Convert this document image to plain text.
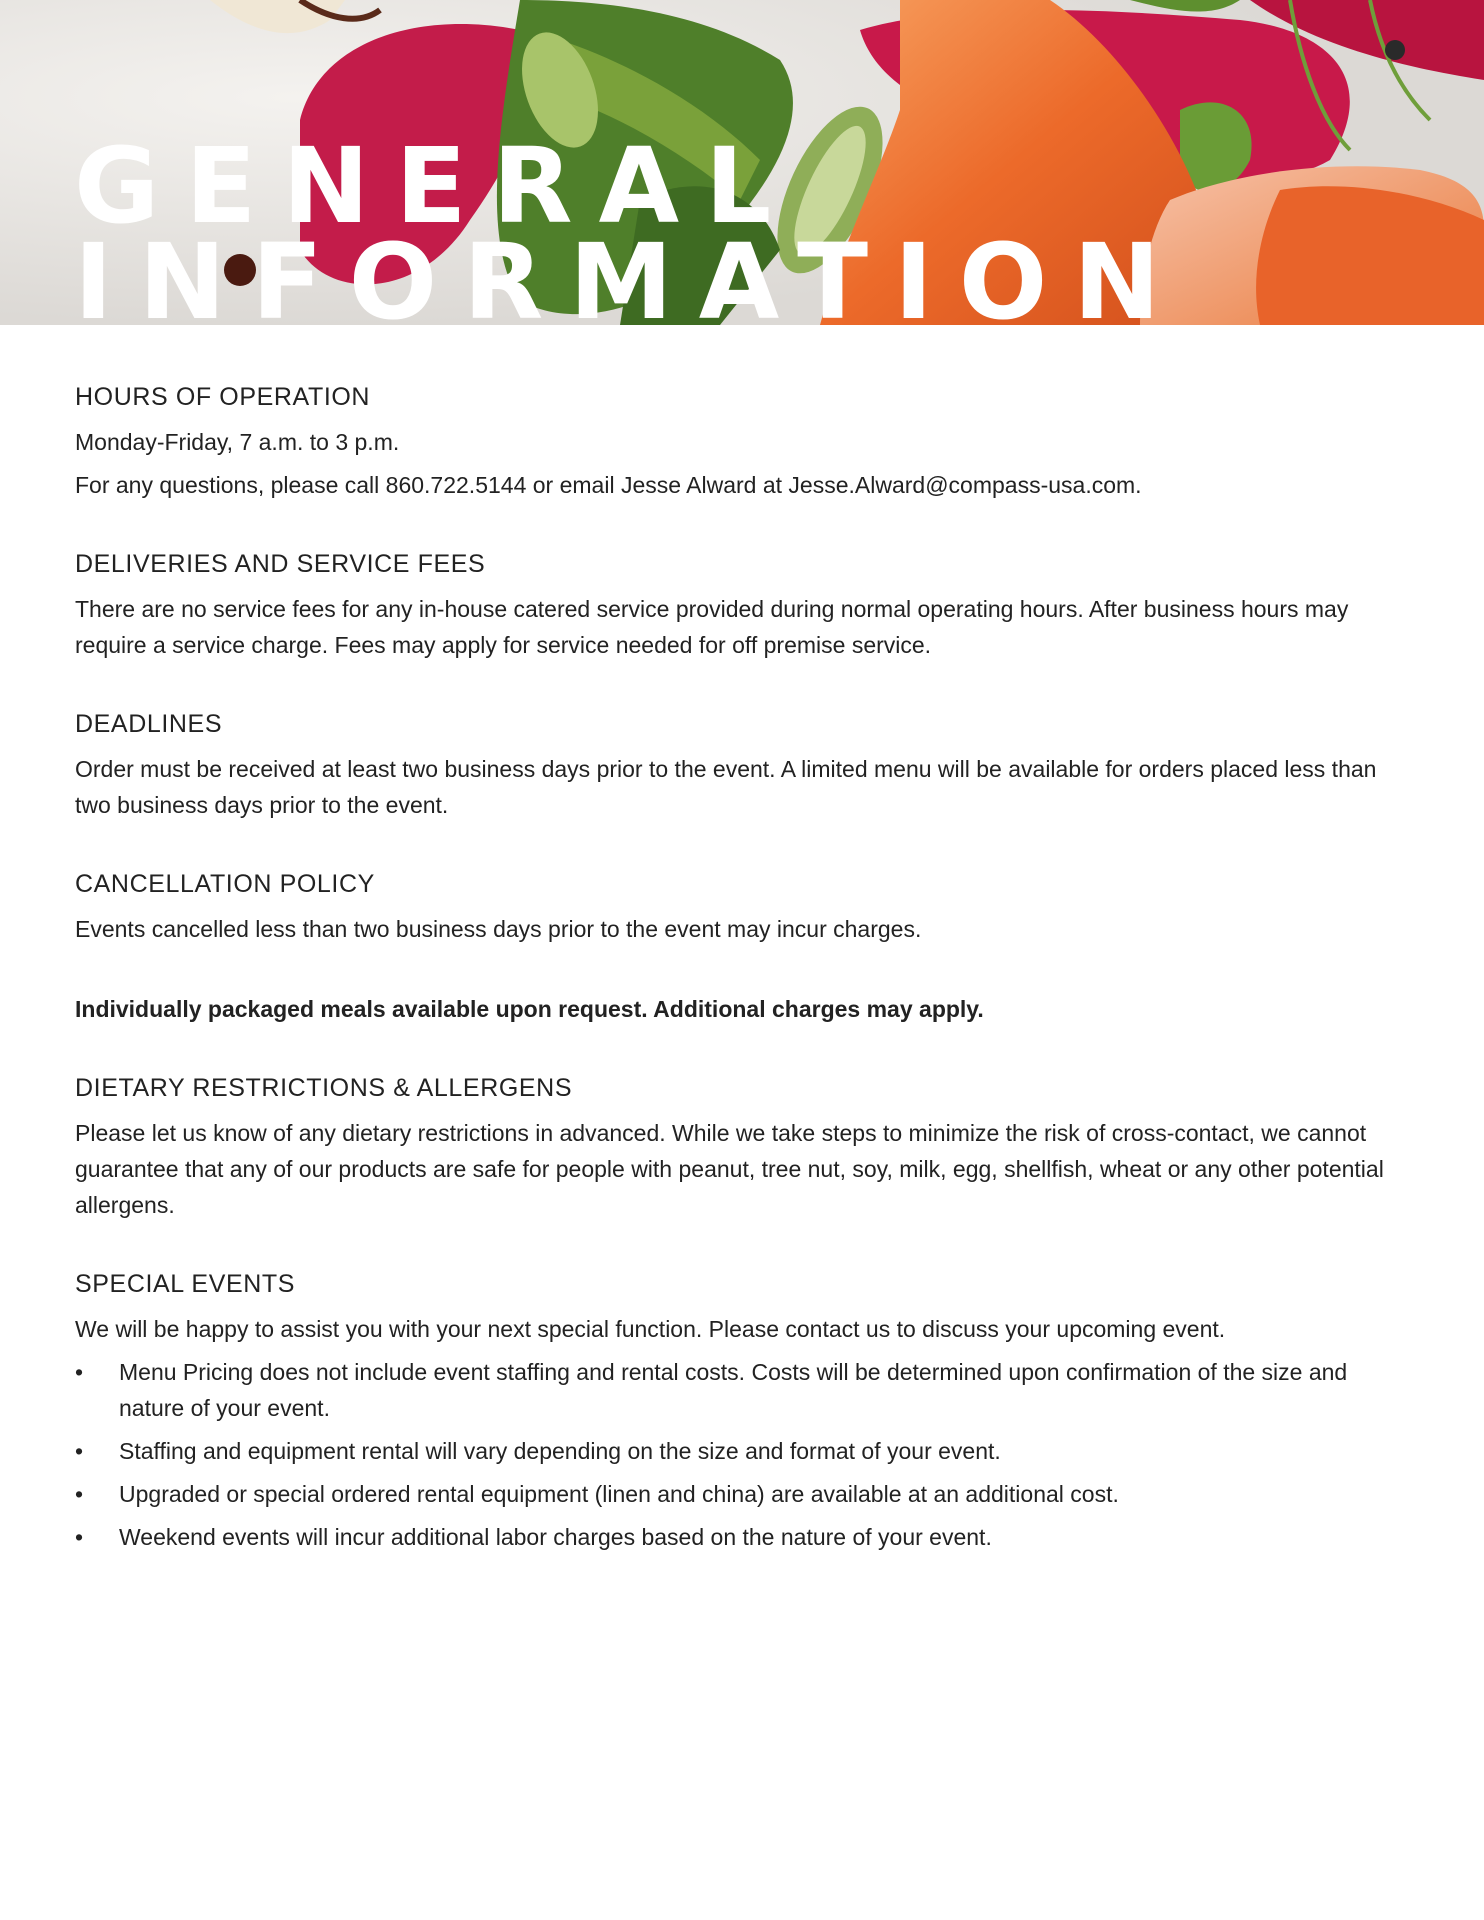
GENERAL
INFORMATION
HOURS OF OPERATION

Monday-Friday, 7 a.m. to 3 p.m.

For any questions, please call 860.722.5144 or email Jesse Alward at Jesse.Alward@compass-usa.com.

DELIVERIES AND SERVICE FEES

There are no service fees for any in-house catered service provided during normal operating hours. After business hours may require a service charge. Fees may apply for service needed for off premise service.

DEADLINES

Order must be received at least two business days prior to the event. A limited menu will be available for orders placed less than two business days prior to the event.

CANCELLATION POLICY

Events cancelled less than two business days prior to the event may incur charges.

Individually packaged meals available upon request. Additional charges may apply.

DIETARY RESTRICTIONS & ALLERGENS

Please let us know of any dietary restrictions in advanced. While we take steps to minimize the risk of cross-contact, we cannot guarantee that any of our products are safe for people with peanut, tree nut, soy, milk, egg, shellfish, wheat or any other potential allergens.

SPECIAL EVENTS

We will be happy to assist you with your next special function. Please contact us to discuss your upcoming event.

• Menu Pricing does not include event staffing and rental costs. Costs will be determined upon confirmation of the size and nature of your event.
• Staffing and equipment rental will vary depending on the size and format of your event.
• Upgraded or special ordered rental equipment (linen and china) are available at an additional cost.
• Weekend events will incur additional labor charges based on the nature of your event.
